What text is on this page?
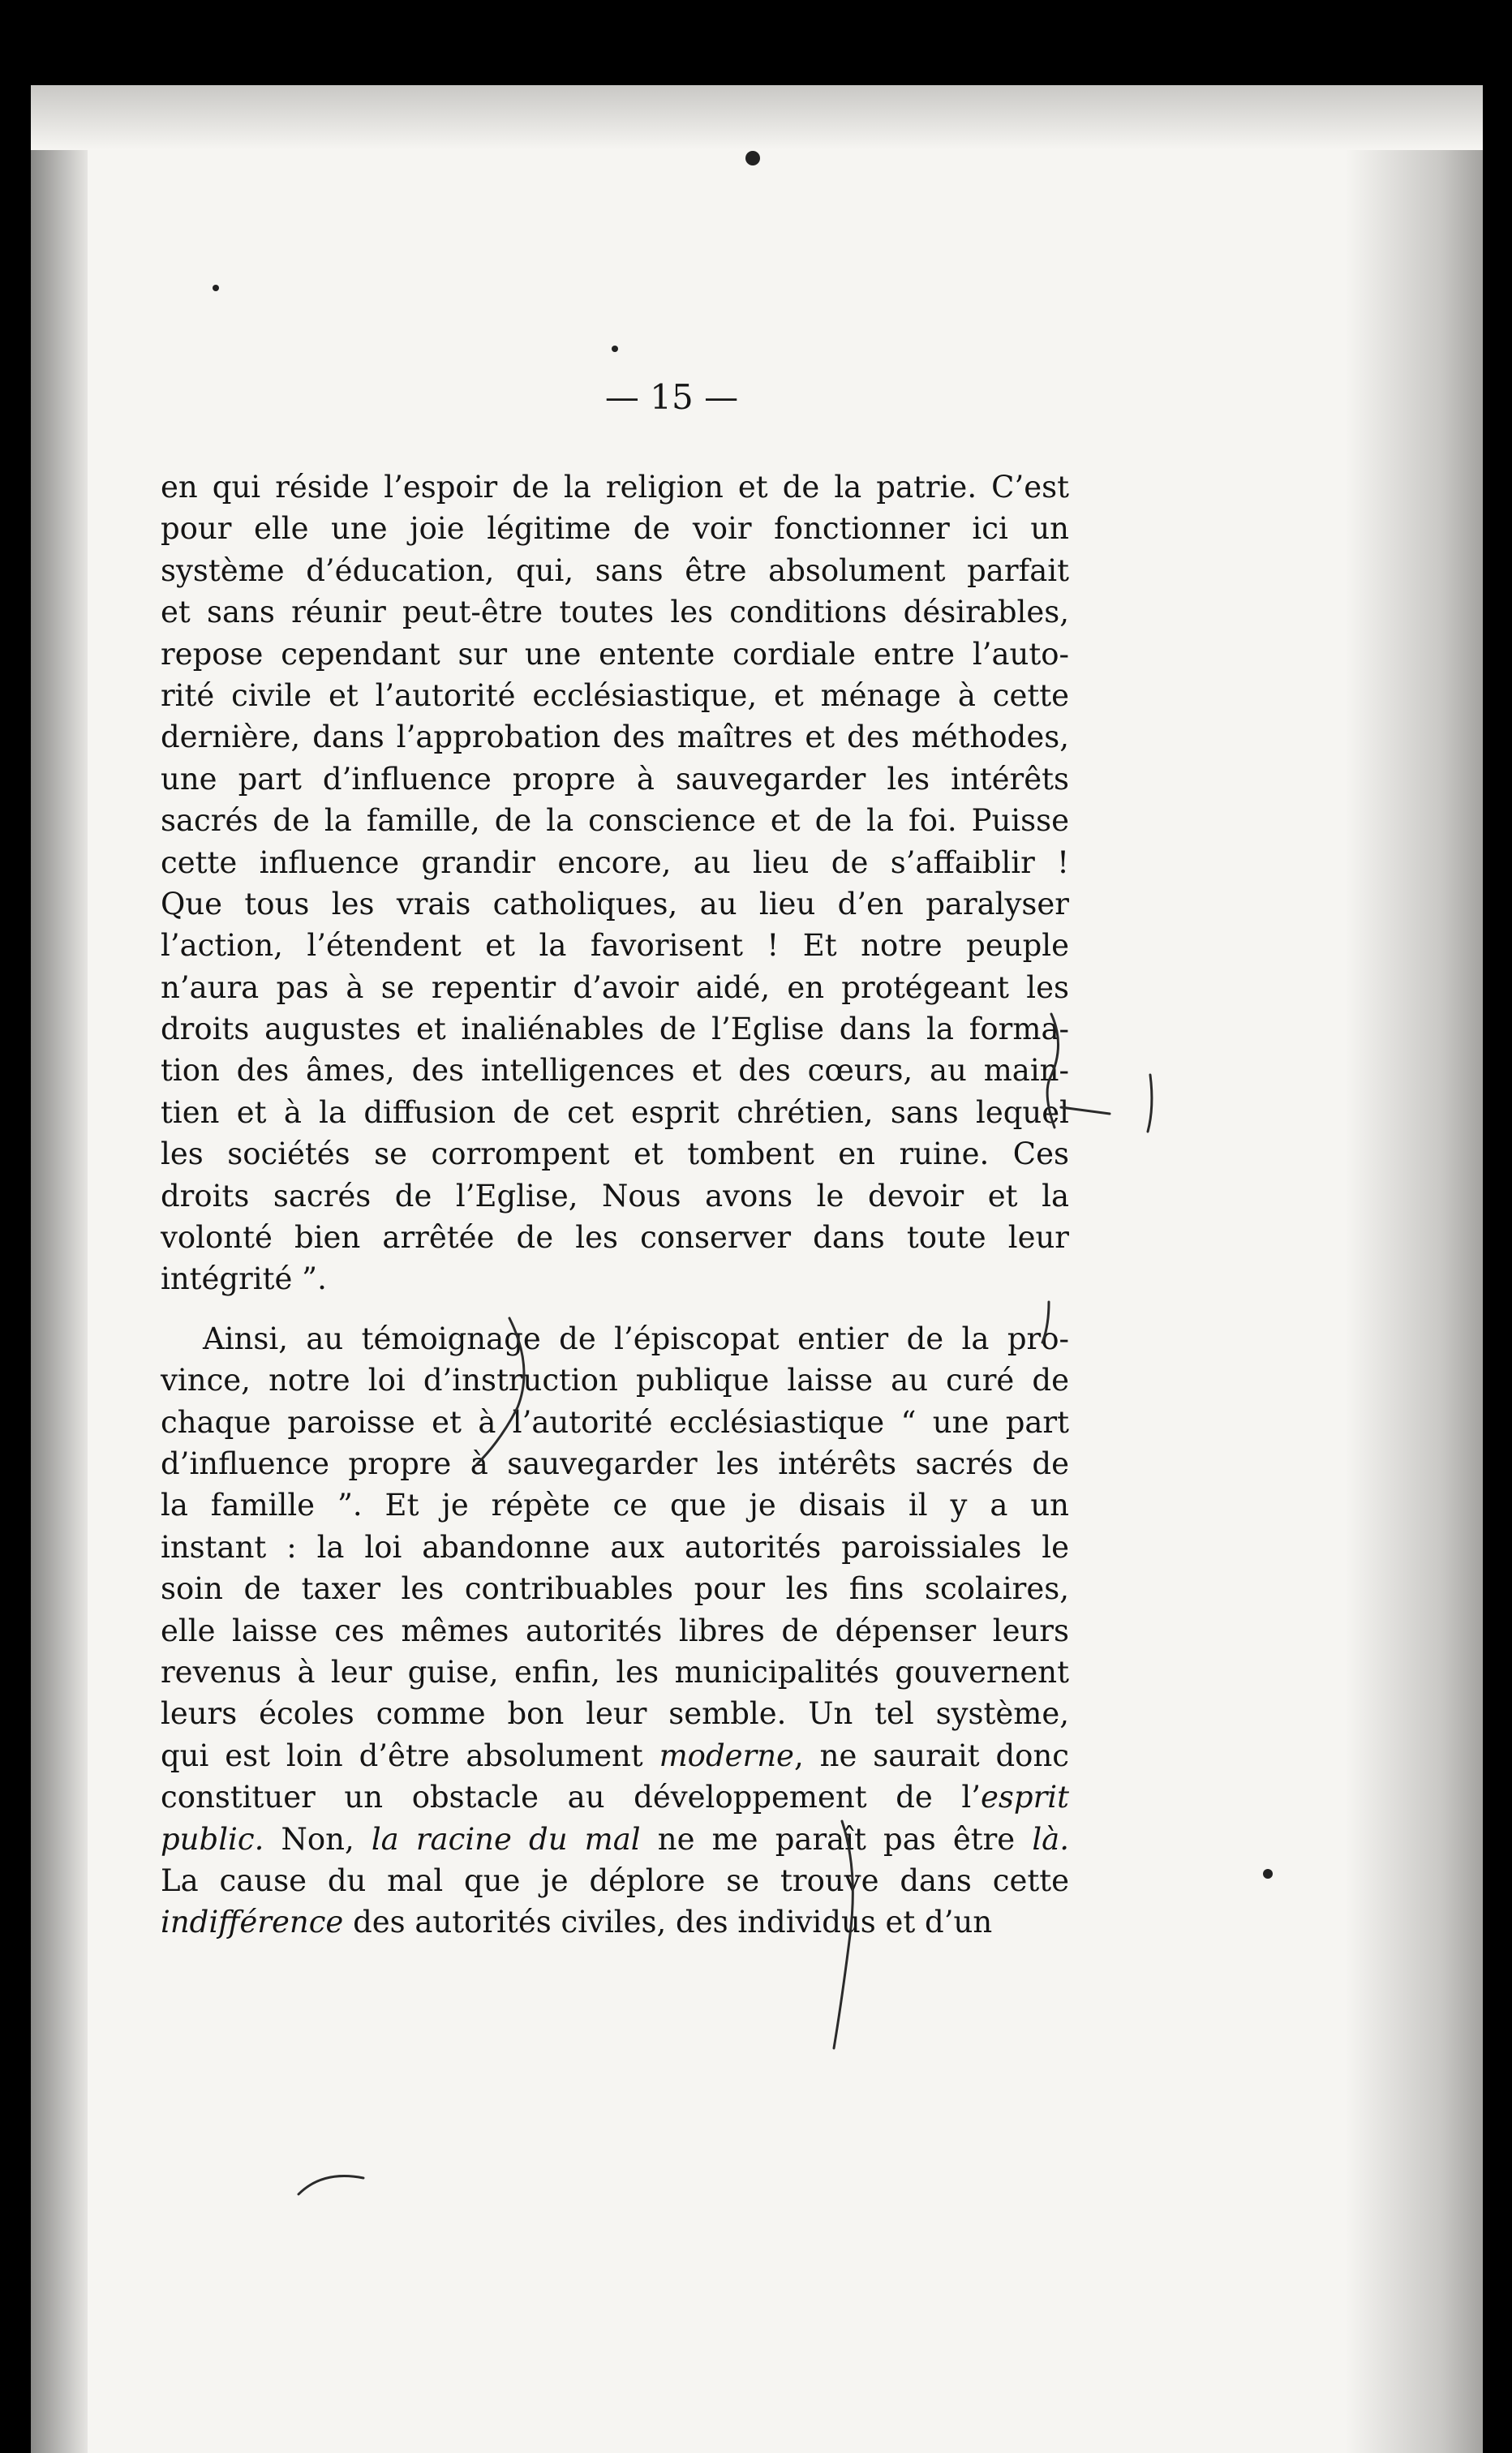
— 15 —
en qui réside l’espoir de la religion et de la patrie. C’est
pour elle une joie légitime de voir fonctionner ici un
système d’éducation, qui, sans être absolument parfait
et sans réunir peut-être toutes les conditions désirables,
repose cependant sur une entente cordiale entre l’auto-
rité civile et l’autorité ecclésiastique, et ménage à cette
dernière, dans l’approbation des maîtres et des méthodes,
une part d’influence propre à sauvegarder les intérêts
sacrés de la famille, de la conscience et de la foi. Puisse
cette influence grandir encore, au lieu de s’affaiblir !
Que tous les vrais catholiques, au lieu d’en paralyser
l’action, l’étendent et la favorisent ! Et notre peuple
n’aura pas à se repentir d’avoir aidé, en protégeant les
droits augustes et inaliénables de l’Eglise dans la forma-
tion des âmes, des intelligences et des cœurs, au main-
tien et à la diffusion de cet esprit chrétien, sans lequel
les sociétés se corrompent et tombent en ruine. Ces
droits sacrés de l’Eglise, Nous avons le devoir et la
volonté bien arrêtée de les conserver dans toute leur
intégrité ”.
Ainsi, au témoignage de l’épiscopat entier de la pro-
vince, notre loi d’instruction publique laisse au curé de
chaque paroisse et à l’autorité ecclésiastique “ une part
d’influence propre à sauvegarder les intérêts sacrés de
la famille ”. Et je répète ce que je disais il y a un
instant : la loi abandonne aux autorités paroissiales le
soin de taxer les contribuables pour les fins scolaires,
elle laisse ces mêmes autorités libres de dépenser leurs
revenus à leur guise, enfin, les municipalités gouvernent
leurs écoles comme bon leur semble. Un tel système,
qui est loin d’être absolument moderne, ne saurait donc
constituer un obstacle au développement de l’esprit
public. Non, la racine du mal ne me paraît pas être là.
La cause du mal que je déplore se trouve dans cette
indifférence des autorités civiles, des individus et d’un
